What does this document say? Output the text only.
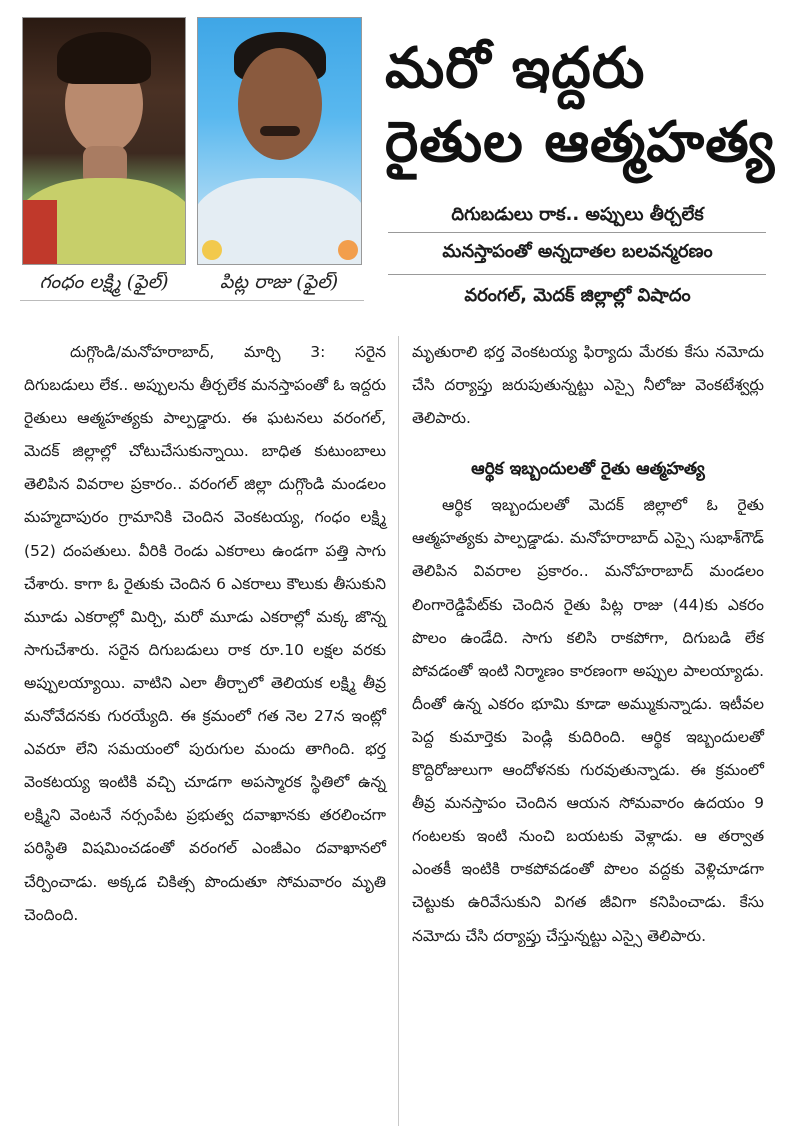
గంధం లక్ష్మి (ఫైల్‌)	పిట్ల రాజు (ఫైల్‌)
మరో ఇద్దరు
రైతుల ఆత్మహత్య
దిగుబడులు రాక.. అప్పులు తీర్చలేక
మనస్తాపంతో అన్నదాతల బలవన్మరణం
వరంగల్‌, మెదక్‌ జిల్లాల్లో విషాదం

దుగ్గొండి/మనోహరాబాద్‌, మార్చి 3: సరైన దిగుబడులు లేక.. అప్పులను తీర్చలేక మనస్తాపంతో ఓ ఇద్దరు రైతులు ఆత్మహత్యకు పాల్పడ్డారు. ఈ ఘటనలు వరంగల్‌, మెదక్‌ జిల్లాల్లో చోటుచేసుకున్నాయి. బాధిత కుటుంబాలు తెలిపిన వివరాల ప్రకారం.. వరంగల్‌ జిల్లా దుగ్గొండి మండలం మహ్మదాపురం గ్రామానికి చెందిన వెంకటయ్య, గంధం లక్ష్మి (52) దంపతులు. వీరికి రెండు ఎకరాలు ఉండగా పత్తి సాగు చేశారు. కాగా ఓ రైతుకు చెందిన 6 ఎకరాలు కౌలుకు తీసుకుని మూడు ఎకరాల్లో మిర్చి, మరో మూడు ఎకరాల్లో మక్క జొన్న సాగుచేశారు. సరైన దిగుబడులు రాక రూ.10 లక్షల వరకు అప్పులయ్యాయి. వాటిని ఎలా తీర్చాలో తెలియక లక్ష్మి తీవ్ర మనోవేదనకు గురయ్యేది. ఈ క్రమంలో గత నెల 27న ఇంట్లో ఎవరూ లేని సమయంలో పురుగుల మందు తాగింది. భర్త వెంకటయ్య ఇంటికి వచ్చి చూడగా అపస్మారక స్థితిలో ఉన్న లక్ష్మిని వెంటనే నర్సంపేట ప్రభుత్వ దవాఖానకు తరలించగా పరిస్థితి విషమించడంతో వరంగల్‌ ఎంజీఎం దవాఖానలో చేర్పించాడు. అక్కడ చికిత్స పొందుతూ సోమవారం మృతి చెందింది.

మృతురాలి భర్త వెంకటయ్య ఫిర్యాదు మేరకు కేసు నమోదు చేసి దర్యాప్తు జరుపుతున్నట్టు ఎస్సై నీలోజు వెంకటేశ్వర్లు తెలిపారు.

ఆర్థిక ఇబ్బందులతో రైతు ఆత్మహత్య

ఆర్థిక ఇబ్బందులతో మెదక్‌ జిల్లాలో ఓ రైతు ఆత్మహత్యకు పాల్పడ్డాడు. మనోహరాబాద్‌ ఎస్సై సుభాశ్‌గౌడ్‌ తెలిపిన వివరాల ప్రకారం.. మనోహరాబాద్‌ మండలం లింగారెడ్డిపేట్‌కు చెందిన రైతు పిట్ల రాజు (44)కు ఎకరం పొలం ఉండేది. సాగు కలిసి రాకపోగా, దిగుబడి లేక పోవడంతో ఇంటి నిర్మాణం కారణంగా అప్పుల పాలయ్యాడు. దీంతో ఉన్న ఎకరం భూమి కూడా అమ్ముకున్నాడు. ఇటీవల పెద్ద కుమార్తెకు పెండ్లి కుదిరింది. ఆర్థిక ఇబ్బందులతో కొద్దిరోజులుగా ఆందోళనకు గురవుతున్నాడు. ఈ క్రమంలో తీవ్ర మనస్తాపం చెందిన ఆయన సోమవారం ఉదయం 9 గంటలకు ఇంటి నుంచి బయటకు వెళ్లాడు. ఆ తర్వాత ఎంతకీ ఇంటికి రాకపోవడంతో పొలం వద్దకు వెళ్లిచూడగా చెట్టుకు ఉరివేసుకుని విగత జీవిగా కనిపించాడు. కేసు నమోదు చేసి దర్యాప్తు చేస్తున్నట్టు ఎస్సై తెలిపారు.
